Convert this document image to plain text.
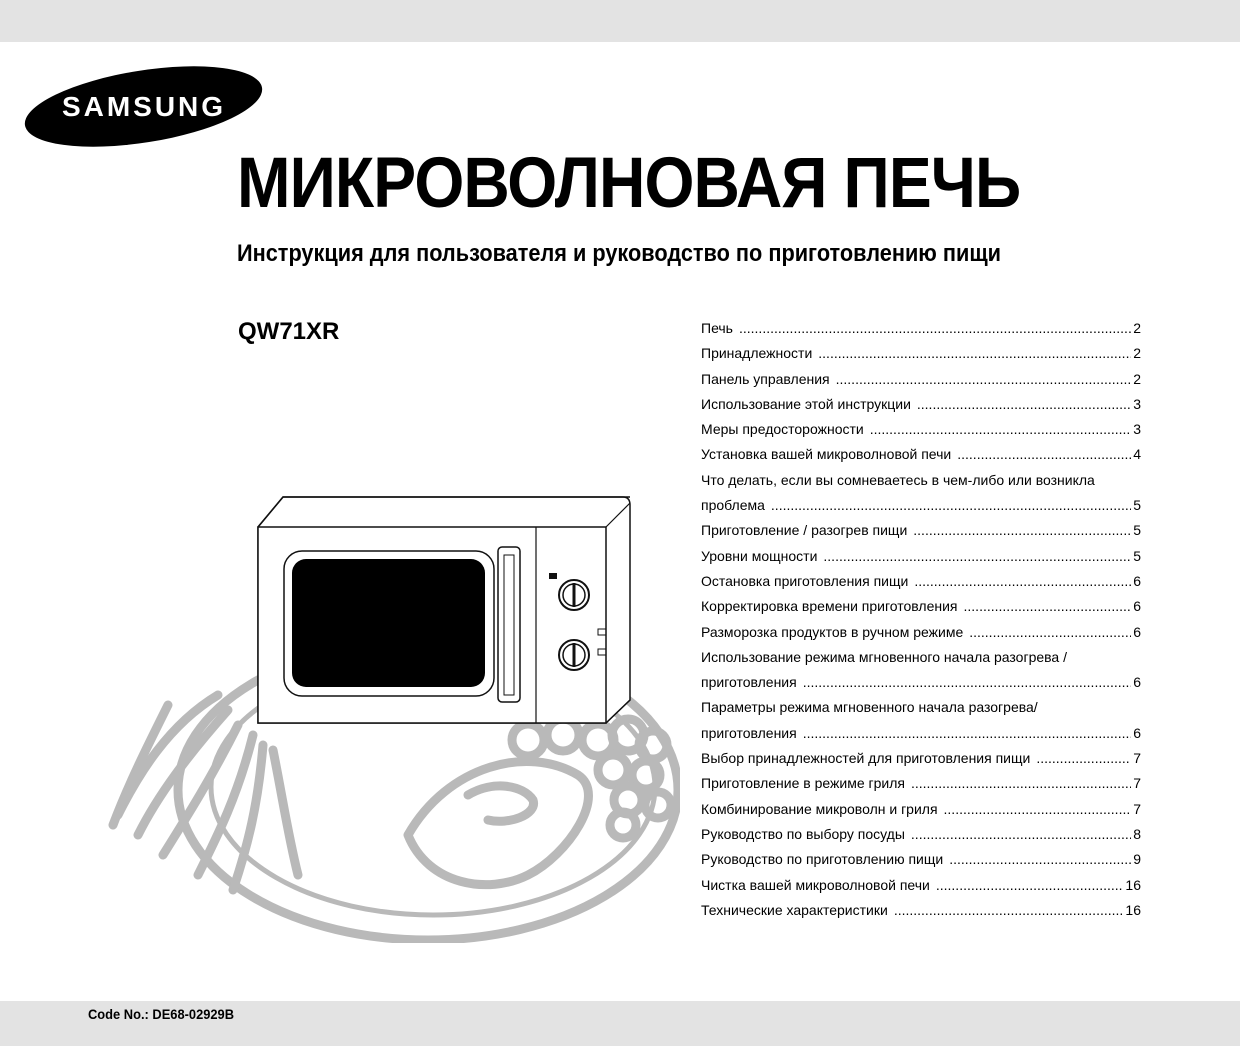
SAMSUNG
МИКРОВОЛНОВАЯ ПЕЧЬ
Инструкция для пользователя и руководство по приготовлению пищи
QW71XR	Печь .....	2
Принадлежности .....	2
Панель управления .....	2
Использование этой инструкции .....	3
Меры предосторожности .....	3
Установка вашей микроволновой печи .....	4
Что делать, если вы сомневаетесь в чем-либо или возникла
проблема .....	5
Приготовление / разогрев пищи .....	5
Уровни мощности .....	5
Остановка приготовления пищи .....	6
Корректировка времени приготовления .....	6
Разморозка продуктов в ручном режиме .....	6
Использование режима мгновенного начала разогрева /
приготовления .....	6
Параметры режима мгновенного начала разогрева/
приготовления .....	6
Выбор принадлежностей для приготовления пищи .....	7
Приготовление в режиме гриля .....	7
Комбинирование микроволн и гриля .....	7
Руководство по выбору посуды .....	8
Руководство по приготовлению пищи .....	9
Чистка вашей микроволновой печи .....	16
Технические характеристики .....	16
Code No.: DE68-02929B
